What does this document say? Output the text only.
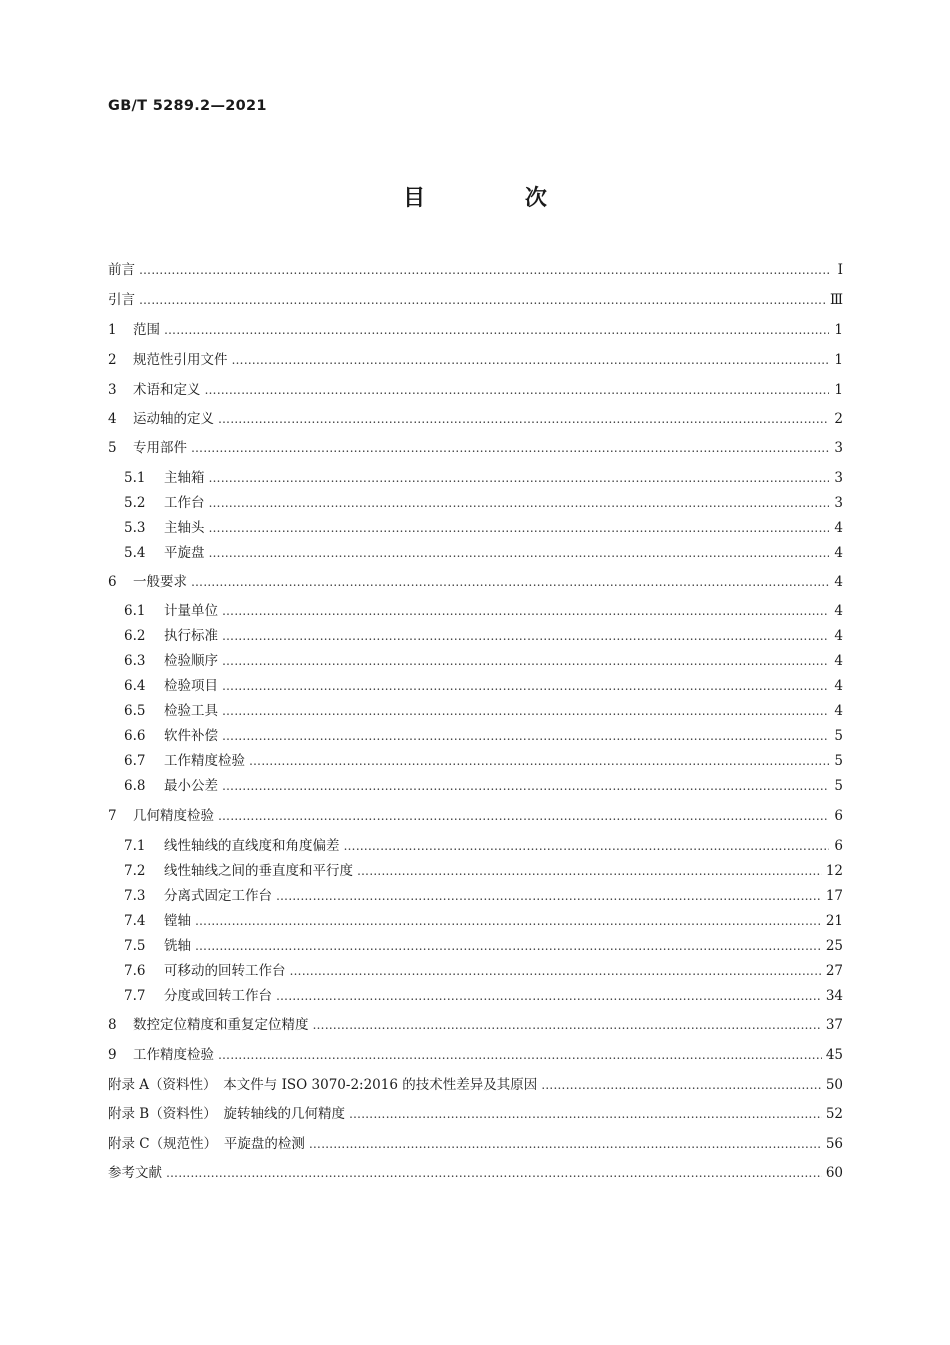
GB/T 5289.2—2021
目 次
前言 …………………………………………………………………………………………………………………………………………………………………………………………………………………………………………………………………………………	Ⅰ
引言 …………………………………………………………………………………………………………………………………………………………………………………………………………………………………………………………………………………	Ⅲ
1	范围 …………………………………………………………………………………………………………………………………………………………………………………………………………………………………………………………………………………	1
2	规范性引用文件 …………………………………………………………………………………………………………………………………………………………………………………………………………………………………………………………………………………	1
3	术语和定义 …………………………………………………………………………………………………………………………………………………………………………………………………………………………………………………………………………………	1
4	运动轴的定义 …………………………………………………………………………………………………………………………………………………………………………………………………………………………………………………………………………………	2
5	专用部件 …………………………………………………………………………………………………………………………………………………………………………………………………………………………………………………………………………………	3
5.1	主轴箱 …………………………………………………………………………………………………………………………………………………………………………………………………………………………………………………………………………………	3
5.2	工作台 …………………………………………………………………………………………………………………………………………………………………………………………………………………………………………………………………………………	3
5.3	主轴头 …………………………………………………………………………………………………………………………………………………………………………………………………………………………………………………………………………………	4
5.4	平旋盘 …………………………………………………………………………………………………………………………………………………………………………………………………………………………………………………………………………………	4
6	一般要求 …………………………………………………………………………………………………………………………………………………………………………………………………………………………………………………………………………………	4
6.1	计量单位 …………………………………………………………………………………………………………………………………………………………………………………………………………………………………………………………………………………	4
6.2	执行标准 …………………………………………………………………………………………………………………………………………………………………………………………………………………………………………………………………………………	4
6.3	检验顺序 …………………………………………………………………………………………………………………………………………………………………………………………………………………………………………………………………………………	4
6.4	检验项目 …………………………………………………………………………………………………………………………………………………………………………………………………………………………………………………………………………………	4
6.5	检验工具 …………………………………………………………………………………………………………………………………………………………………………………………………………………………………………………………………………………	4
6.6	软件补偿 …………………………………………………………………………………………………………………………………………………………………………………………………………………………………………………………………………………	5
6.7	工作精度检验 …………………………………………………………………………………………………………………………………………………………………………………………………………………………………………………………………………………	5
6.8	最小公差 …………………………………………………………………………………………………………………………………………………………………………………………………………………………………………………………………………………	5
7	几何精度检验 …………………………………………………………………………………………………………………………………………………………………………………………………………………………………………………………………………………	6
7.1	线性轴线的直线度和角度偏差 …………………………………………………………………………………………………………………………………………………………………………………………………………………………………………………………………………………	6
7.2	线性轴线之间的垂直度和平行度 …………………………………………………………………………………………………………………………………………………………………………………………………………………………………………………………………………………	12
7.3	分离式固定工作台 …………………………………………………………………………………………………………………………………………………………………………………………………………………………………………………………………………………	17
7.4	镗轴 …………………………………………………………………………………………………………………………………………………………………………………………………………………………………………………………………………………	21
7.5	铣轴 …………………………………………………………………………………………………………………………………………………………………………………………………………………………………………………………………………………	25
7.6	可移动的回转工作台 …………………………………………………………………………………………………………………………………………………………………………………………………………………………………………………………………………………	27
7.7	分度或回转工作台 …………………………………………………………………………………………………………………………………………………………………………………………………………………………………………………………………………………	34
8	数控定位精度和重复定位精度 …………………………………………………………………………………………………………………………………………………………………………………………………………………………………………………………………………………	37
9	工作精度检验 …………………………………………………………………………………………………………………………………………………………………………………………………………………………………………………………………………………	45
附录 A（资料性）　本文件与 ISO 3070-2:2016 的技术性差异及其原因 …………………………………………………………………………………………………………………………………………………………………………………………………………………………………………………………………………………	50
附录 B（资料性）　旋转轴线的几何精度 …………………………………………………………………………………………………………………………………………………………………………………………………………………………………………………………………………………	52
附录 C（规范性）　平旋盘的检测 …………………………………………………………………………………………………………………………………………………………………………………………………………………………………………………………………………………	56
参考文献 …………………………………………………………………………………………………………………………………………………………………………………………………………………………………………………………………………………	60
